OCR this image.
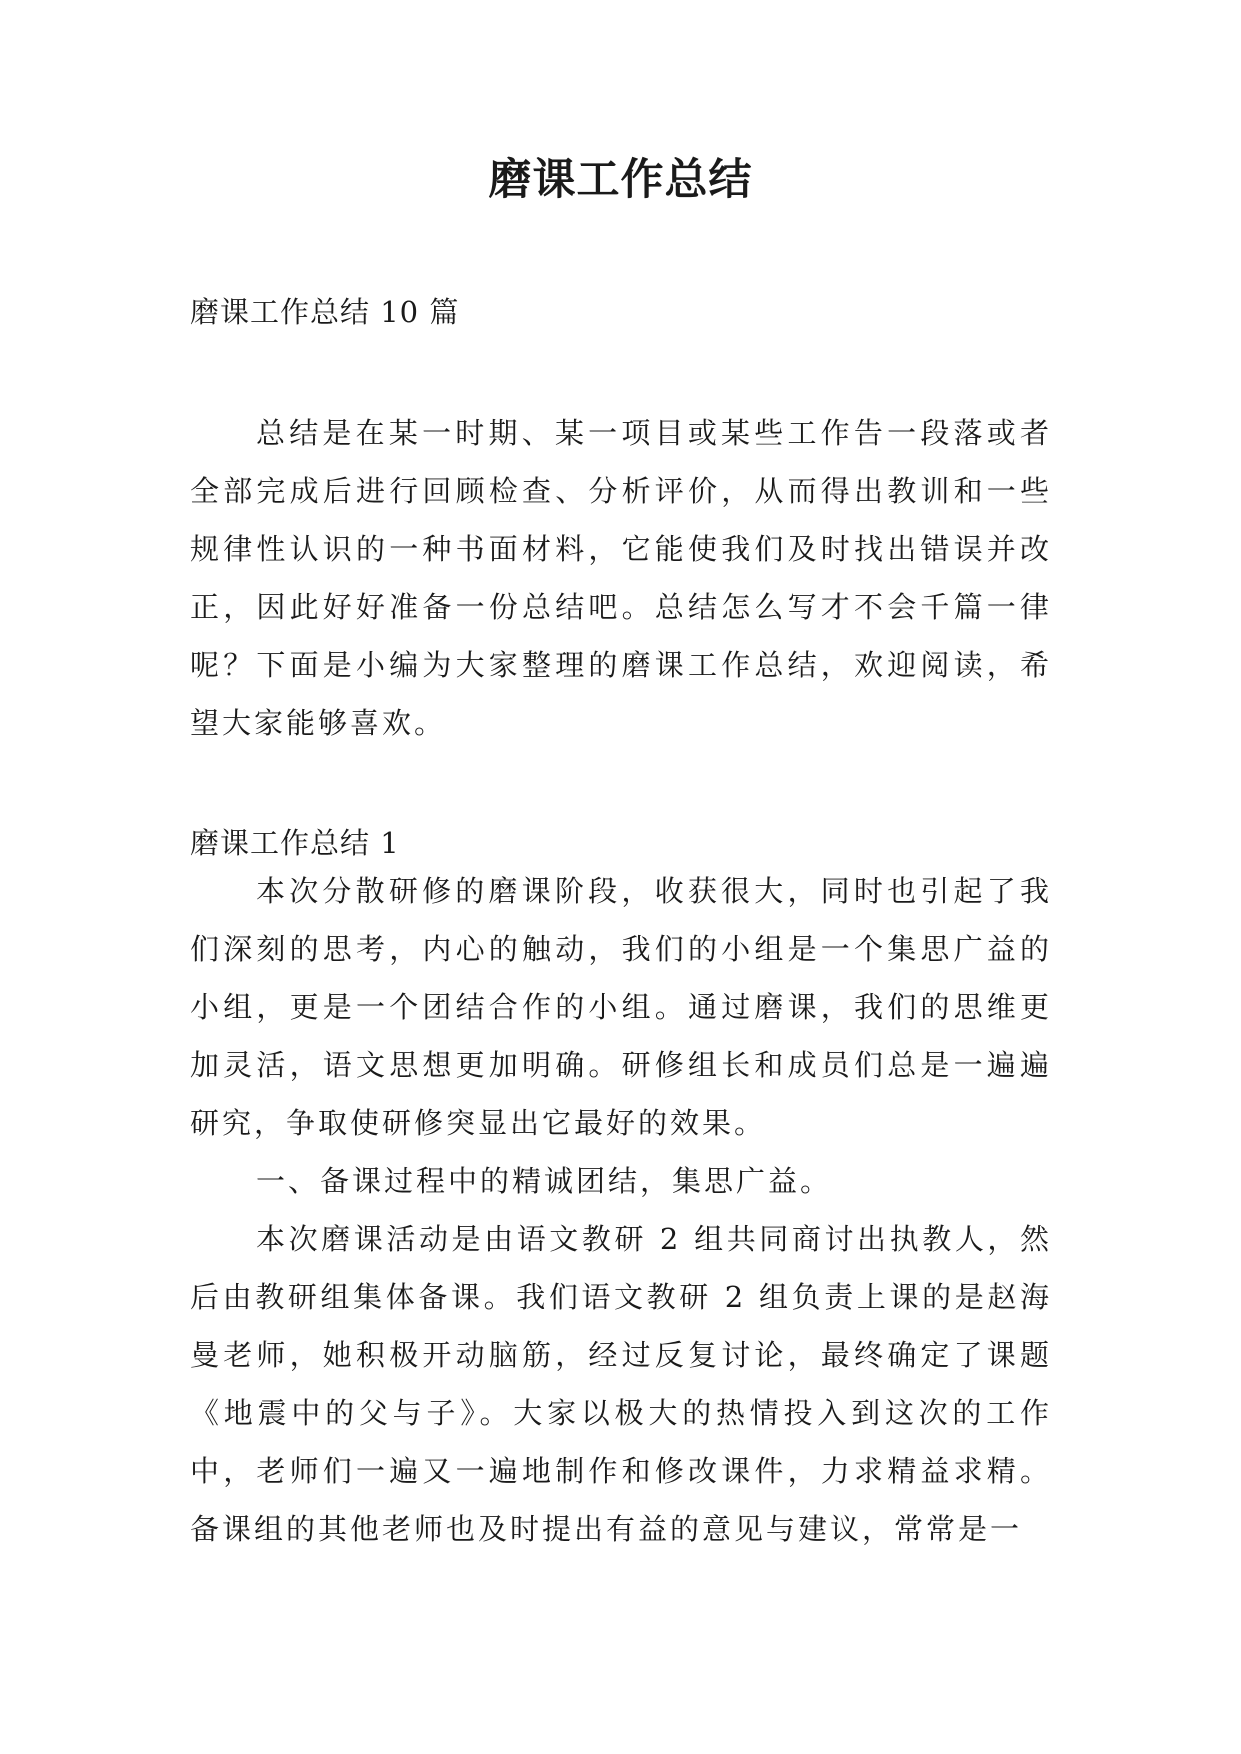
磨课工作总结
磨课工作总结 10 篇

总结是在某一时期、某一项目或某些工作告一段落或者全部完成后进行回顾检查、分析评价，从而得出教训和一些规律性认识的一种书面材料，它能使我们及时找出错误并改正，因此好好准备一份总结吧。总结怎么写才不会千篇一律呢？下面是小编为大家整理的磨课工作总结，欢迎阅读，希望大家能够喜欢。

磨课工作总结 1

本次分散研修的磨课阶段，收获很大，同时也引起了我们深刻的思考，内心的触动，我们的小组是一个集思广益的小组，更是一个团结合作的小组。通过磨课，我们的思维更加灵活，语文思想更加明确。研修组长和成员们总是一遍遍研究，争取使研修突显出它最好的效果。

一、备课过程中的精诚团结，集思广益。

本次磨课活动是由语文教研 2 组共同商讨出执教人，然后由教研组集体备课。我们语文教研 2 组负责上课的是赵海曼老师，她积极开动脑筋，经过反复讨论，最终确定了课题《地震中的父与子》。大家以极大的热情投入到这次的工作中，老师们一遍又一遍地制作和修改课件，力求精益求精。备课组的其他老师也及时提出有益的意见与建议，常常是一
